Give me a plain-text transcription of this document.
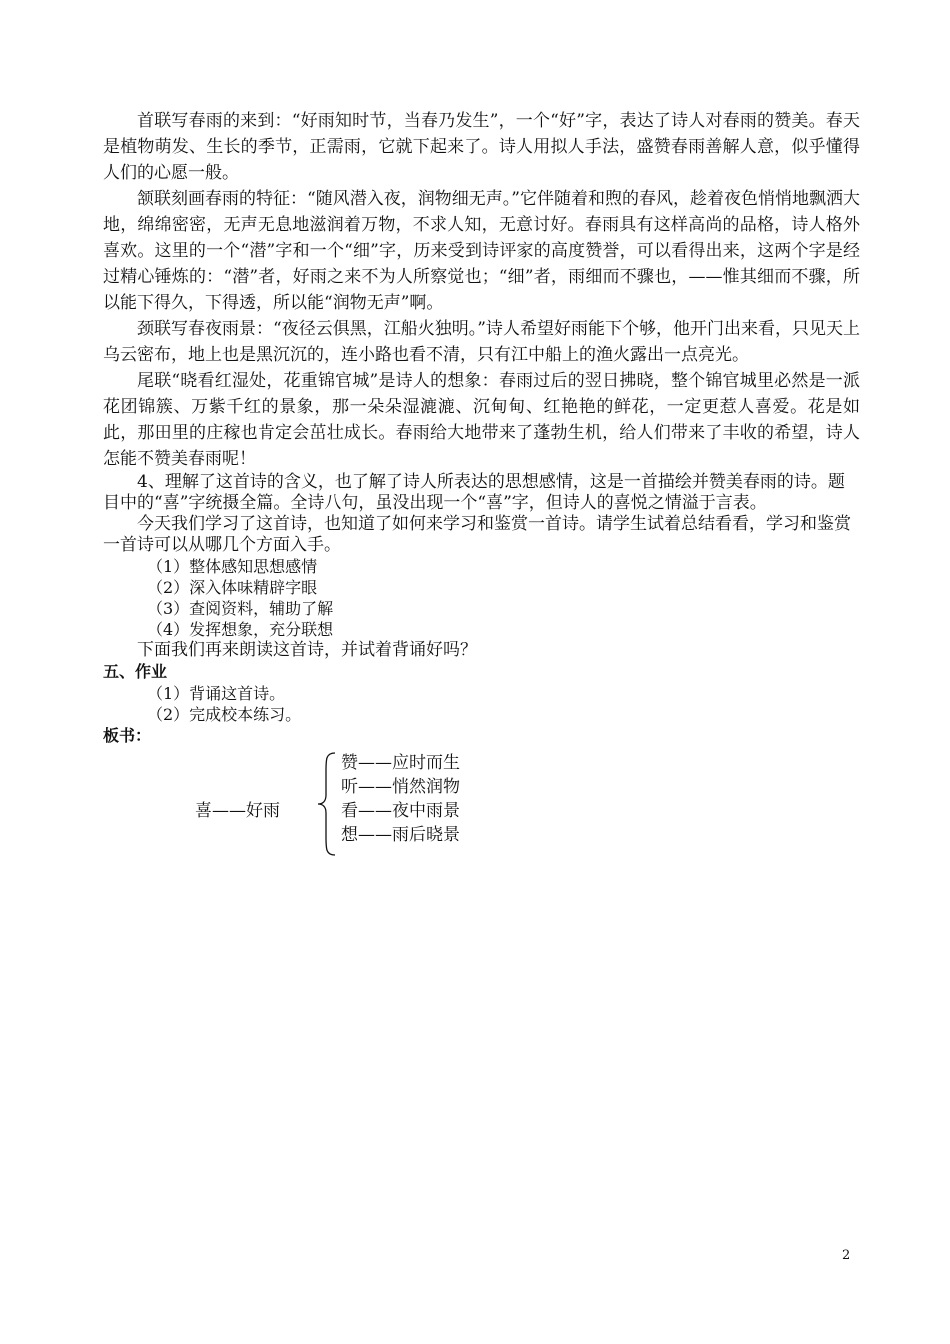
首联写春雨的来到：“好雨知时节，当春乃发生”，一个“好”字，表达了诗人对春雨的赞美。春天是植物萌发、生长的季节，正需雨，它就下起来了。诗人用拟人手法，盛赞春雨善解人意，似乎懂得人们的心愿一般。

颔联刻画春雨的特征：“随风潜入夜，润物细无声。”它伴随着和煦的春风，趁着夜色悄悄地飘洒大地，绵绵密密，无声无息地滋润着万物，不求人知，无意讨好。春雨具有这样高尚的品格，诗人格外喜欢。这里的一个“潜”字和一个“细”字，历来受到诗评家的高度赞誉，可以看得出来，这两个字是经过精心锤炼的：“潜”者，好雨之来不为人所察觉也；“细”者，雨细而不骤也，——惟其细而不骤，所以能下得久，下得透，所以能“润物无声”啊。

颈联写春夜雨景：“夜径云俱黑，江船火独明。”诗人希望好雨能下个够，他开门出来看，只见天上乌云密布，地上也是黑沉沉的，连小路也看不清，只有江中船上的渔火露出一点亮光。

尾联“晓看红湿处，花重锦官城”是诗人的想象：春雨过后的翌日拂晓，整个锦官城里必然是一派花团锦簇、万紫千红的景象，那一朵朵湿漉漉、沉甸甸、红艳艳的鲜花，一定更惹人喜爱。花是如此，那田里的庄稼也肯定会茁壮成长。春雨给大地带来了蓬勃生机，给人们带来了丰收的希望，诗人怎能不赞美春雨呢！

4、理解了这首诗的含义，也了解了诗人所表达的思想感情，这是一首描绘并赞美春雨的诗。题目中的“喜”字统摄全篇。全诗八句，虽没出现一个“喜”字，但诗人的喜悦之情溢于言表。

今天我们学习了这首诗，也知道了如何来学习和鉴赏一首诗。请学生试着总结看看，学习和鉴赏一首诗可以从哪几个方面入手。

（1）整体感知思想感情

（2）深入体味精辟字眼

（3）查阅资料，辅助了解

（4）发挥想象，充分联想

下面我们再来朗读这首诗，并试着背诵好吗？

五、作业

（1）背诵这首诗。

（2）完成校本练习。

板书：

喜——好雨
赞——应时而生
听——悄然润物
看——夜中雨景
想——雨后晓景
2
